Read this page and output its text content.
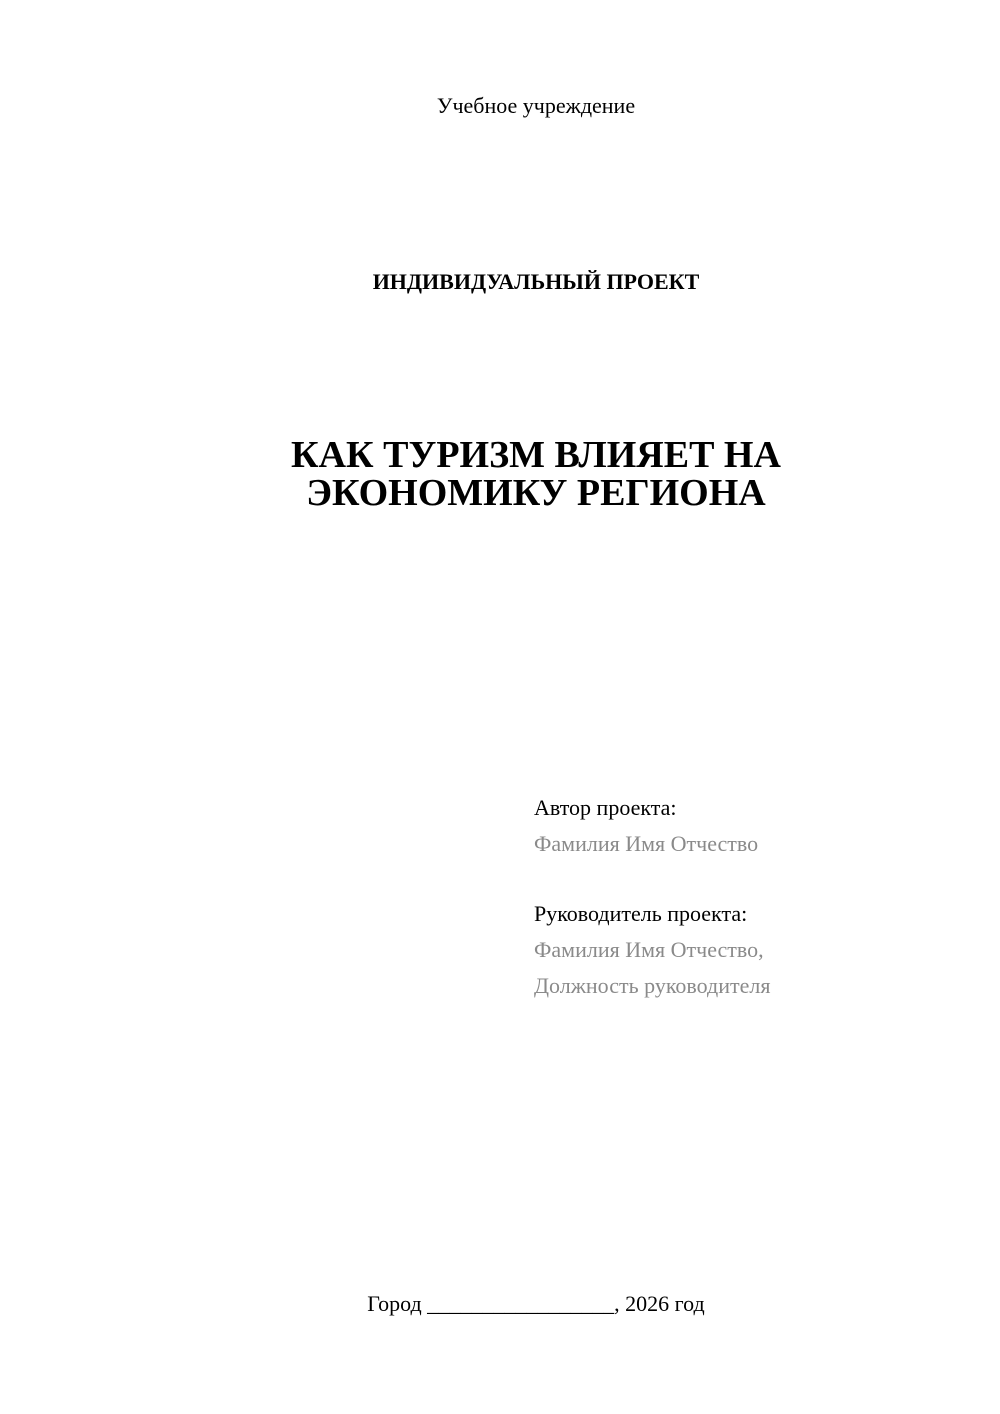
Учебное учреждение
ИНДИВИДУАЛЬНЫЙ ПРОЕКТ
КАК ТУРИЗМ ВЛИЯЕТ НА
ЭКОНОМИКУ РЕГИОНА
Автор проекта:
Фамилия Имя Отчество
Руководитель проекта:
Фамилия Имя Отчество,
Должность руководителя
Город _________________, 2026 год
